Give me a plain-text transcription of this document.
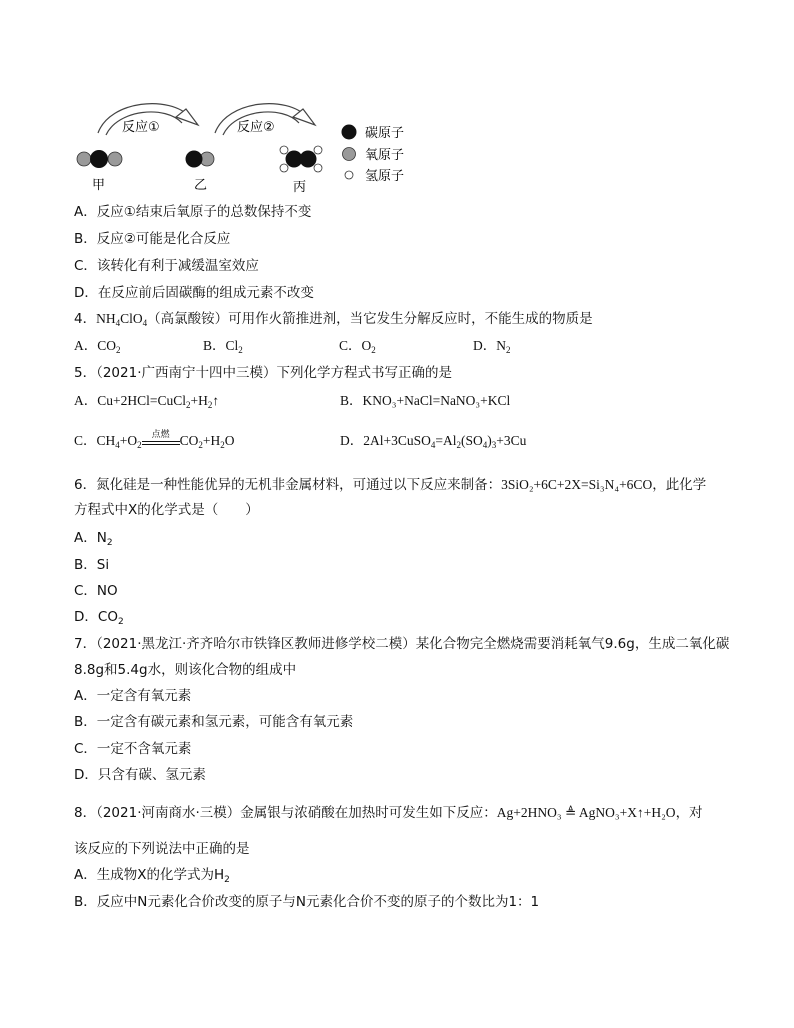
反应①	反应②
甲	乙	丙
碳原子
氧原子
氢原子
A．反应①结束后氧原子的总数保持不变
B．反应②可能是化合反应
C．该转化有利于减缓温室效应
D．在反应前后固碳酶的组成元素不改变
4．$NH_4ClO_4$（高氯酸铵）可用作火箭推进剂，当它发生分解反应时，不能生成的物质是
A．$CO_2$	B．$Cl_2$	C．$O_2$	D．$N_2$
5．（2021·广西南宁十四中三模）下列化学方程式书写正确的是
A．$Cu+2HCl=CuCl_2+H_2↑$	B．KNO₃+NaCl=NaNO₃+KCl
C．$CH_4+O_2$
点燃 $CO_2+H_2O$	D．$2Al+3CuSO_4=Al_2(SO_4)_3+3Cu$
6．氮化硅是一种性能优异的无机非金属材料，可通过以下反应来制备：3SiO₂+6C+2X=Si₃N₄+6CO，此化学
方程式中X的化学式是（　　）
A．$N_2$
B．Si
C．NO
D．$CO_2$
7．（2021·黑龙江·齐齐哈尔市铁锋区教师进修学校二模）某化合物完全燃烧需要消耗氧气9.6g，生成二氧化碳
8.8g和5.4g水，则该化合物的组成中
A．一定含有氧元素
B．一定含有碳元素和氢元素，可能含有氧元素
C．一定不含氧元素
D．只含有碳、氢元素
8．（2021·河南商水·三模）金属银与浓硝酸在加热时可发生如下反应：Ag+2HNO₃ ≜ AgNO₃+X↑+H₂O，对
该反应的下列说法中正确的是
A．生成物X的化学式为$H_2$
B．反应中N元素化合价改变的原子与N元素化合价不变的原子的个数比为1：1
